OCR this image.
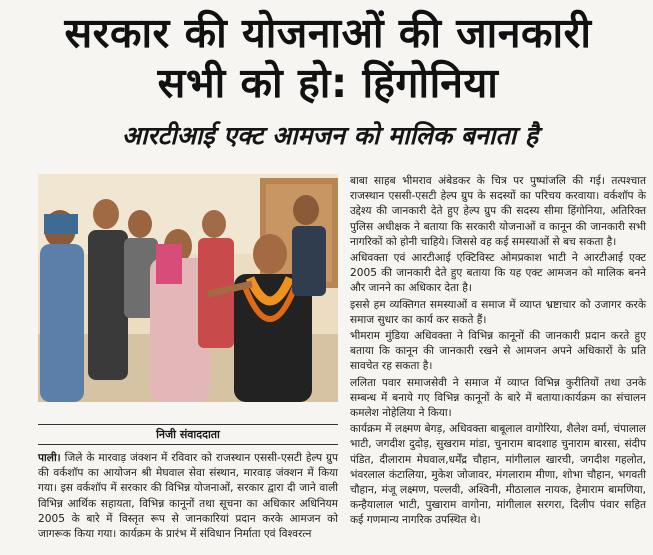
सरकार की योजनाओं की जानकारी
सभी को हो: हिंगोनिया
आरटीआई एक्ट आमजन को मालिक बनाता है
निजी संवाददाता

पाली। जिले के मारवाड़ जंक्शन में रविवार को राजस्थान एससी-एसटी हेल्प ग्रुप की वर्कशॉप का आयोजन श्री मेघवाल सेवा संस्थान, मारवाड़ जंक्शन में किया गया। इस वर्कशॉप में सरकार की विभिन्न योजनाओं, सरकार द्वारा दी जाने वाली विभिन्न आर्थिक सहायता, विभिन्न कानूनों तथा सूचना का अधिकार अधिनियम 2005 के बारे में विस्तृत रूप से जानकारियां प्रदान करके आमजन को जागरूक किया गया। कार्यक्रम के प्रारंभ में संविधान निर्माता एवं विश्वरत्न

बाबा साहब भीमराव अंबेडकर के चित्र पर पुष्पांजलि की गई। तत्पश्चात राजस्थान एससी-एसटी हेल्प ग्रुप के सदस्यों का परिचय करवाया। वर्कशॉप के उद्देश्य की जानकारी देते हुए हेल्प ग्रुप की सदस्य सीमा हिंगोनिया, अतिरिक्त पुलिस अधीक्षक ने बताया कि सरकारी योजनाओं व कानून की जानकारी सभी नागरिकों को होनी चाहिये। जिससे वह कई समस्याओं से बच सकता है।

अधिवक्ता एवं आरटीआई एक्टिविस्ट ओमप्रकाश भाटी ने आरटीआई एक्ट 2005 की जानकारी देते हुए बताया कि यह एक्ट आमजन को मालिक बनने और जानने का अधिकार देता है।

इससे हम व्यक्तिगत समस्याओं व समाज में व्याप्त भ्रष्टाचार को उजागर करके समाज सुधार का कार्य कर सकते हैं।

भीमराम मुंडिया अधिवक्ता ने विभिन्न कानूनों की जानकारी प्रदान करते हुए बताया कि कानून की जानकारी रखने से आमजन अपने अधिकारों के प्रति सावचेत रह सकता है।

ललिता पवार समाजसेवी ने समाज में व्याप्त विभिन्न कुरीतियों तथा उनके सम्बन्ध में बनाये गए विभिन्न कानूनों के बारे में बताया।कार्यक्रम का संचालन कमलेश नोहेलिया ने किया।

कार्यक्रम में लक्ष्मण बेगड़, अधिवक्ता बाबूलाल वागोरिया, शैलेश वर्मा, चंपालाल भाटी, जगदीश दुदोड़, सुखराम मांडा, चुनाराम बादशाह चुनाराम बारसा, संदीप पंडित, दीलाराम मेघवाल,धर्मेंद्र चौहान, मांगीलाल खारची, जगदीश गहलोत, भंवरलाल कंटालिया, मुकेश जोजावर, मंगलाराम मीणा, शोभा चौहान, भगवती चौहान, मंजू लक्ष्मण, पल्लवी, अश्विनी, मीठालाल नायक, हेमाराम बामणिया, कन्हैयालाल भाटी, पुखाराम वागोना, मांगीलाल सरगरा, दिलीप पंवार सहित कई गणमान्य नागरिक उपस्थित थे।
